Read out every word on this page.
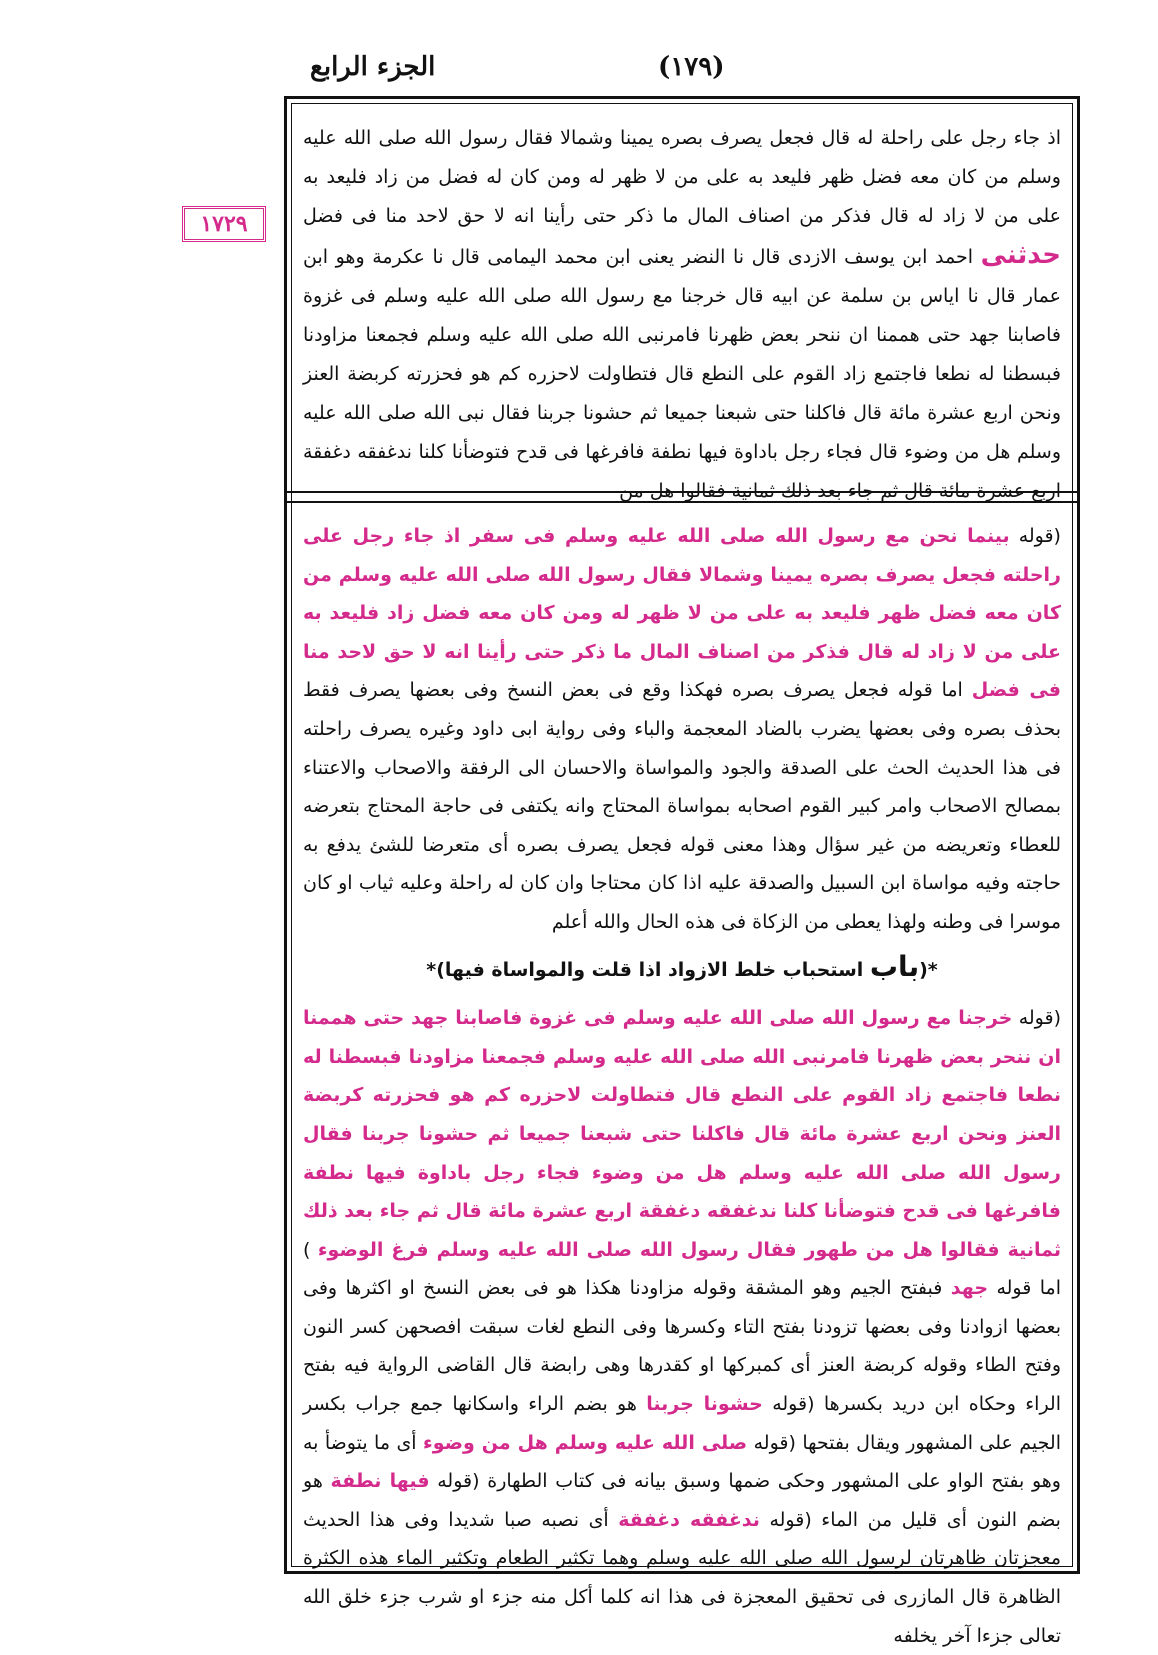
الجزء الرابع	(١٧٩)
١٧٢٩
اذ جاء رجل على راحلة له قال فجعل يصرف بصره يمينا وشمالا فقال رسول الله صلى الله عليه وسلم من كان معه فضل ظهر فليعد به على من لا ظهر له ومن كان له فضل من زاد فليعد به على من لا زاد له قال فذكر من اصناف المال ما ذكر حتى رأينا انه لا حق لاحد منا فى فضل حدثنى احمد ابن يوسف الازدى قال نا النضر يعنى ابن محمد اليمامى قال نا عكرمة وهو ابن عمار قال نا اياس بن سلمة عن ابيه قال خرجنا مع رسول الله صلى الله عليه وسلم فى غزوة فاصابنا جهد حتى هممنا ان ننحر بعض ظهرنا فامرنبى الله صلى الله عليه وسلم فجمعنا مزاودنا فبسطنا له نطعا فاجتمع زاد القوم على النطع قال فتطاولت لاحزره كم هو فحزرته كربضة العنز ونحن اربع عشرة مائة قال فاكلنا حتى شبعنا جميعا ثم حشونا جربنا فقال نبى الله صلى الله عليه وسلم هل من وضوء قال فجاء رجل باداوة فيها نطفة فافرغها فى قدح فتوضأنا كلنا ندغفقه دغفقة اربع عشرة مائة قال ثم جاء بعد ذلك ثمانية فقالوا هل من

(قوله بينما نحن مع رسول الله صلى الله عليه وسلم فى سفر اذ جاء رجل على راحلته فجعل يصرف بصره يمينا وشمالا فقال رسول الله صلى الله عليه وسلم من كان معه فضل ظهر فليعد به على من لا ظهر له ومن كان معه فضل زاد فليعد به على من لا زاد له قال فذكر من اصناف المال ما ذكر حتى رأينا انه لا حق لاحد منا فى فضل اما قوله فجعل يصرف بصره فهكذا وقع فى بعض النسخ وفى بعضها يصرف فقط بحذف بصره وفى بعضها يضرب بالضاد المعجمة والباء وفى رواية ابى داود وغيره يصرف راحلته فى هذا الحديث الحث على الصدقة والجود والمواساة والاحسان الى الرفقة والاصحاب والاعتناء بمصالح الاصحاب وامر كبير القوم اصحابه بمواساة المحتاج وانه يكتفى فى حاجة المحتاج بتعرضه للعطاء وتعريضه من غير سؤال وهذا معنى قوله فجعل يصرف بصره أى متعرضا للشئ يدفع به حاجته وفيه مواساة ابن السبيل والصدقة عليه اذا كان محتاجا وان كان له راحلة وعليه ثياب او كان موسرا فى وطنه ولهذا يعطى من الزكاة فى هذه الحال والله أعلم

*(باب استحباب خلط الازواد اذا قلت والمواساة فيها)*

(قوله خرجنا مع رسول الله صلى الله عليه وسلم فى غزوة فاصابنا جهد حتى هممنا ان ننحر بعض ظهرنا فامرنبى الله صلى الله عليه وسلم فجمعنا مزاودنا فبسطنا له نطعا فاجتمع زاد القوم على النطع قال فتطاولت لاحزره كم هو فحزرته كربضة العنز ونحن اربع عشرة مائة قال فاكلنا حتى شبعنا جميعا ثم حشونا جربنا فقال رسول الله صلى الله عليه وسلم هل من وضوء فجاء رجل باداوة فيها نطفة فافرغها فى قدح فتوضأنا كلنا ندغفقه دغفقة اربع عشرة مائة قال ثم جاء بعد ذلك ثمانية فقالوا هل من طهور فقال رسول الله صلى الله عليه وسلم فرغ الوضوء ) اما قوله جهد فبفتح الجيم وهو المشقة وقوله مزاودنا هكذا هو فى بعض النسخ او اكثرها وفى بعضها ازوادنا وفى بعضها تزودنا بفتح التاء وكسرها وفى النطع لغات سبقت افصحهن كسر النون وفتح الطاء وقوله كربضة العنز أى كمبركها او كقدرها وهى رابضة قال القاضى الرواية فيه بفتح الراء وحكاه ابن دريد بكسرها (قوله حشونا جربنا هو بضم الراء واسكانها جمع جراب بكسر الجيم على المشهور ويقال بفتحها (قوله صلى الله عليه وسلم هل من وضوء أى ما يتوضأ به وهو بفتح الواو على المشهور وحكى ضمها وسبق بيانه فى كتاب الطهارة (قوله فيها نطفة هو بضم النون أى قليل من الماء (قوله ندغفقه دغفقة أى نصبه صبا شديدا وفى هذا الحديث معجزتان ظاهرتان لرسول الله صلى الله عليه وسلم وهما تكثير الطعام وتكثير الماء هذه الكثرة الظاهرة قال المازرى فى تحقيق المعجزة فى هذا انه كلما أكل منه جزء او شرب جزء خلق الله تعالى جزءا آخر يخلفه
